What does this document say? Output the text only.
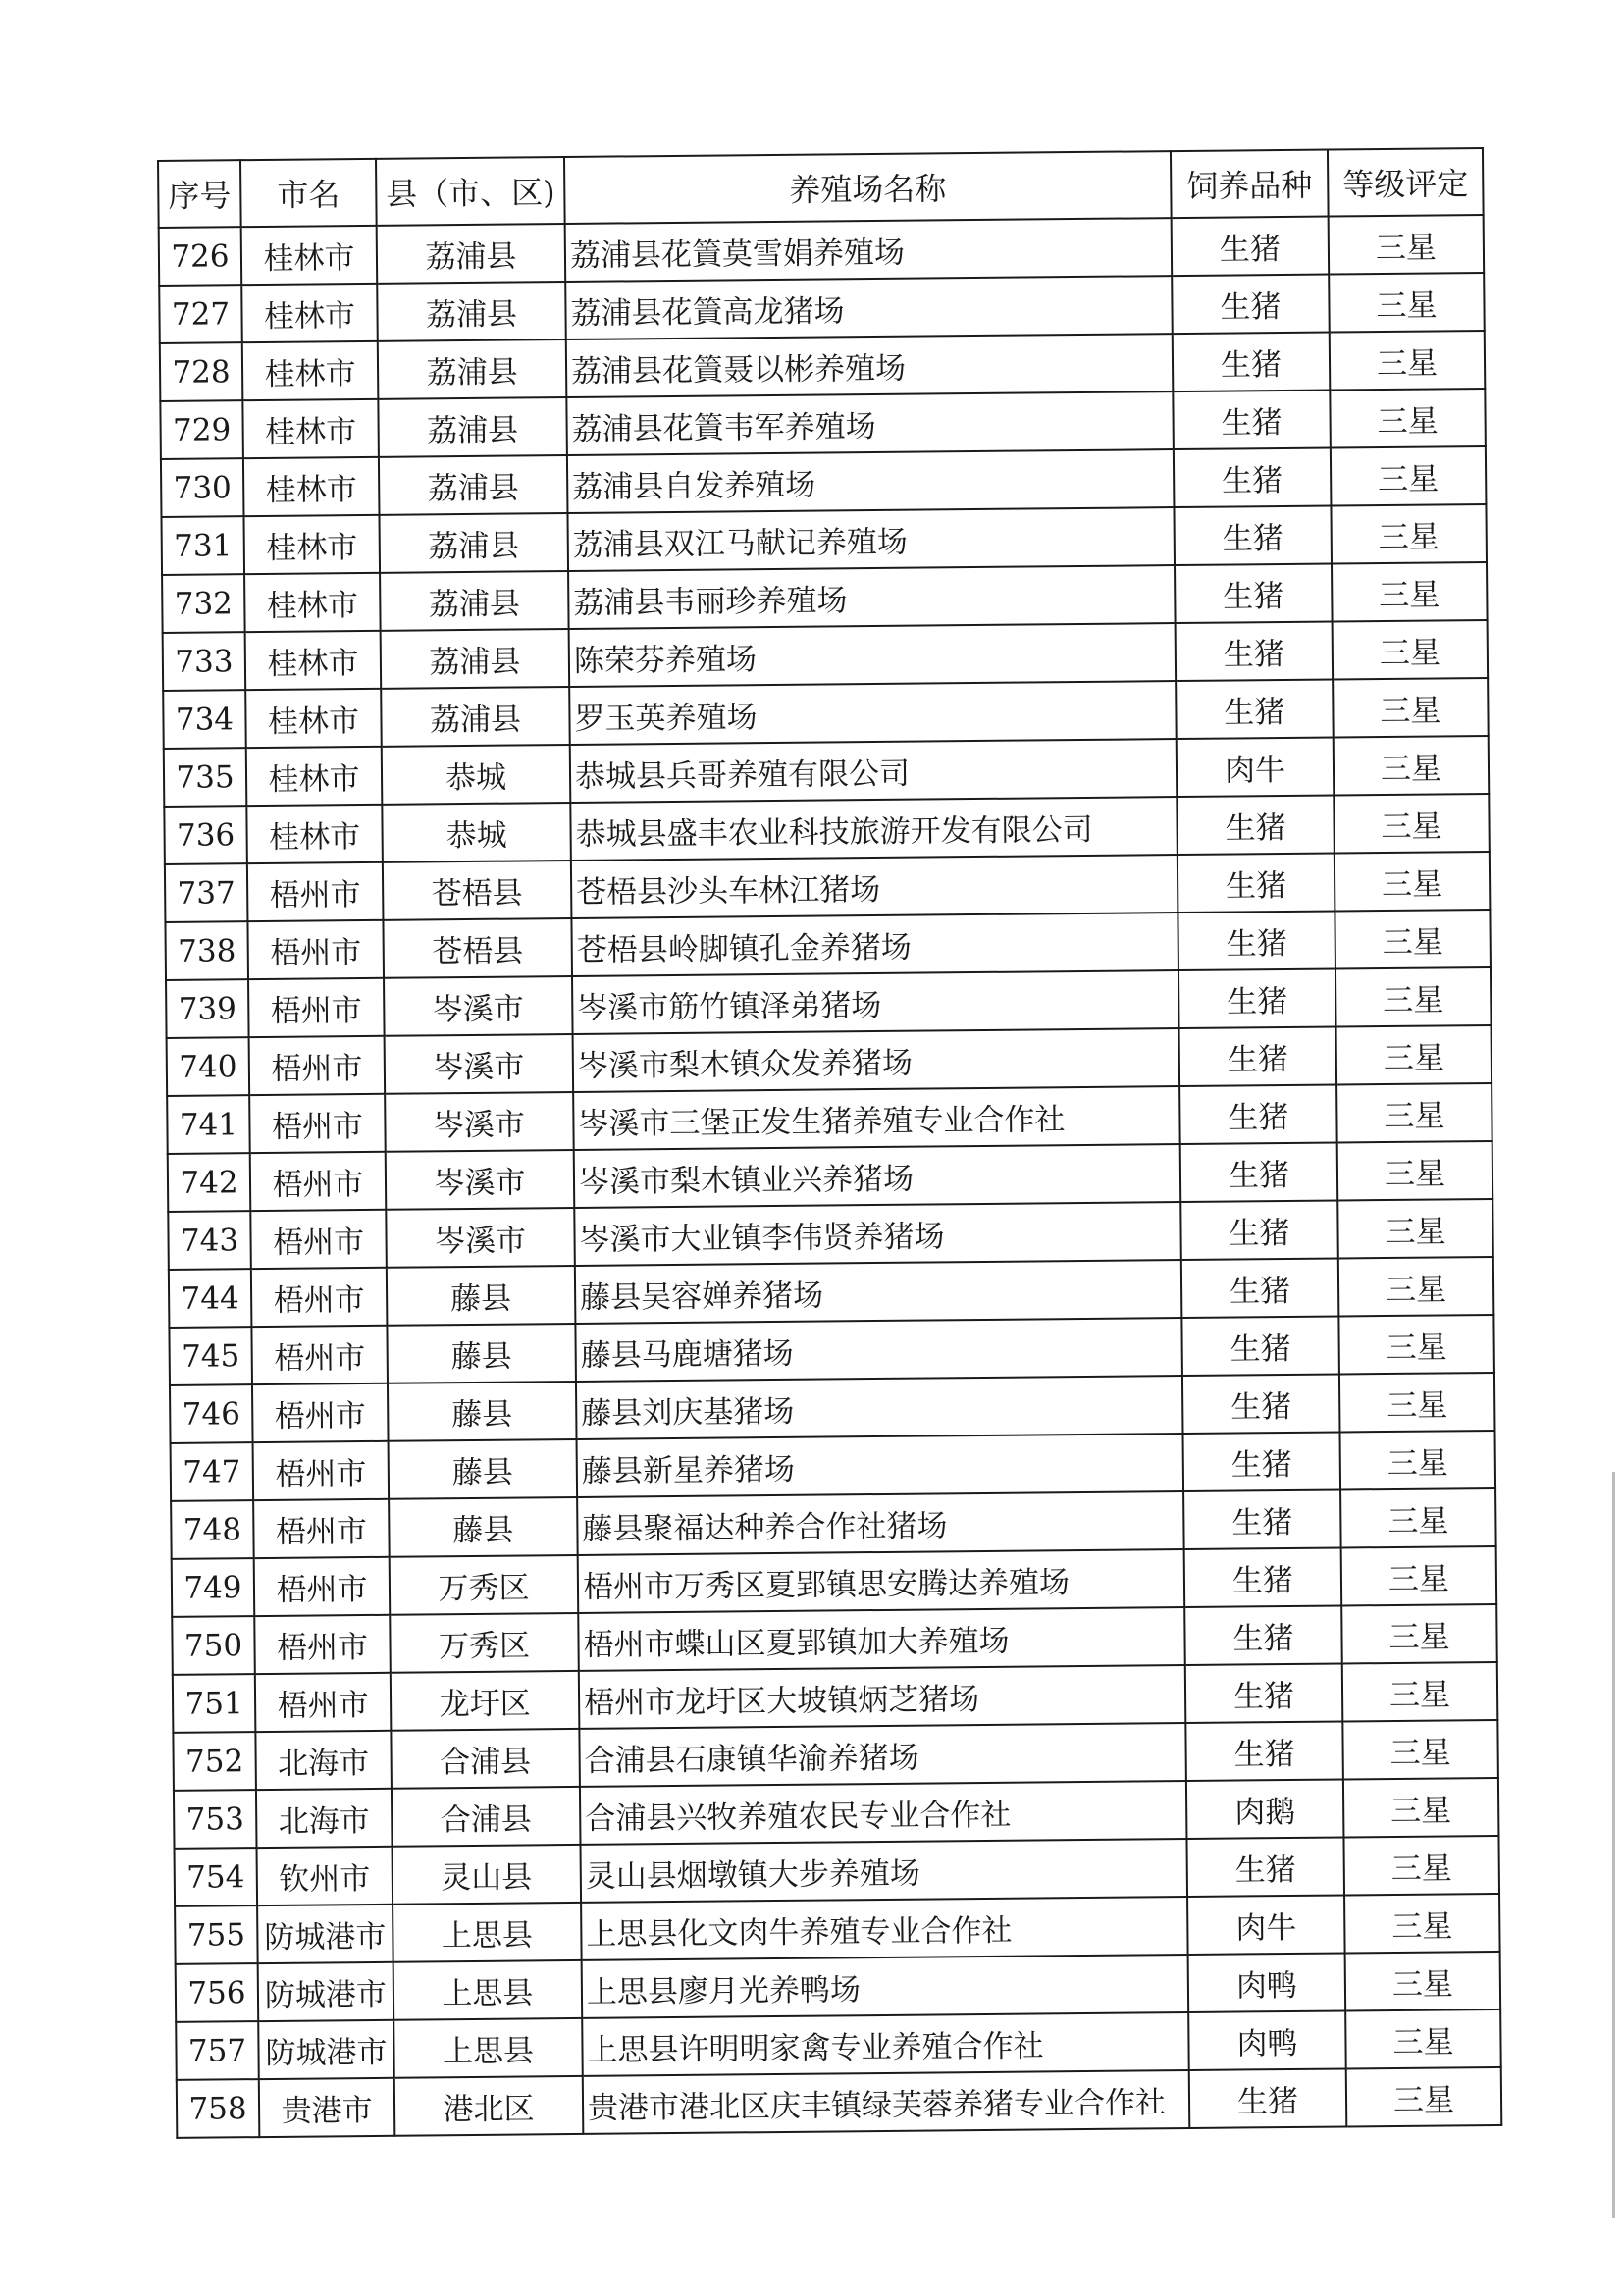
序号	市名	县（市、区)	养殖场名称	饲养品种	等级评定
726	桂林市	荔浦县	荔浦县花篢莫雪娟养殖场	生猪	三星
727	桂林市	荔浦县	荔浦县花篢高龙猪场	生猪	三星
728	桂林市	荔浦县	荔浦县花篢聂以彬养殖场	生猪	三星
729	桂林市	荔浦县	荔浦县花篢韦军养殖场	生猪	三星
730	桂林市	荔浦县	荔浦县自发养殖场	生猪	三星
731	桂林市	荔浦县	荔浦县双江马献记养殖场	生猪	三星
732	桂林市	荔浦县	荔浦县韦丽珍养殖场	生猪	三星
733	桂林市	荔浦县	陈荣芬养殖场	生猪	三星
734	桂林市	荔浦县	罗玉英养殖场	生猪	三星
735	桂林市	恭城	恭城县兵哥养殖有限公司	肉牛	三星
736	桂林市	恭城	恭城县盛丰农业科技旅游开发有限公司	生猪	三星
737	梧州市	苍梧县	苍梧县沙头车林江猪场	生猪	三星
738	梧州市	苍梧县	苍梧县岭脚镇孔金养猪场	生猪	三星
739	梧州市	岑溪市	岑溪市筋竹镇泽弟猪场	生猪	三星
740	梧州市	岑溪市	岑溪市梨木镇众发养猪场	生猪	三星
741	梧州市	岑溪市	岑溪市三堡正发生猪养殖专业合作社	生猪	三星
742	梧州市	岑溪市	岑溪市梨木镇业兴养猪场	生猪	三星
743	梧州市	岑溪市	岑溪市大业镇李伟贤养猪场	生猪	三星
744	梧州市	藤县	藤县吴容婵养猪场	生猪	三星
745	梧州市	藤县	藤县马鹿塘猪场	生猪	三星
746	梧州市	藤县	藤县刘庆基猪场	生猪	三星
747	梧州市	藤县	藤县新星养猪场	生猪	三星
748	梧州市	藤县	藤县聚福达种养合作社猪场	生猪	三星
749	梧州市	万秀区	梧州市万秀区夏郢镇思安腾达养殖场	生猪	三星
750	梧州市	万秀区	梧州市蝶山区夏郢镇加大养殖场	生猪	三星
751	梧州市	龙圩区	梧州市龙圩区大坡镇炳芝猪场	生猪	三星
752	北海市	合浦县	合浦县石康镇华渝养猪场	生猪	三星
753	北海市	合浦县	合浦县兴牧养殖农民专业合作社	肉鹅	三星
754	钦州市	灵山县	灵山县烟墩镇大步养殖场	生猪	三星
755	防城港市	上思县	上思县化文肉牛养殖专业合作社	肉牛	三星
756	防城港市	上思县	上思县廖月光养鸭场	肉鸭	三星
757	防城港市	上思县	上思县许明明家禽专业养殖合作社	肉鸭	三星
758	贵港市	港北区	贵港市港北区庆丰镇绿芙蓉养猪专业合作社	生猪	三星
